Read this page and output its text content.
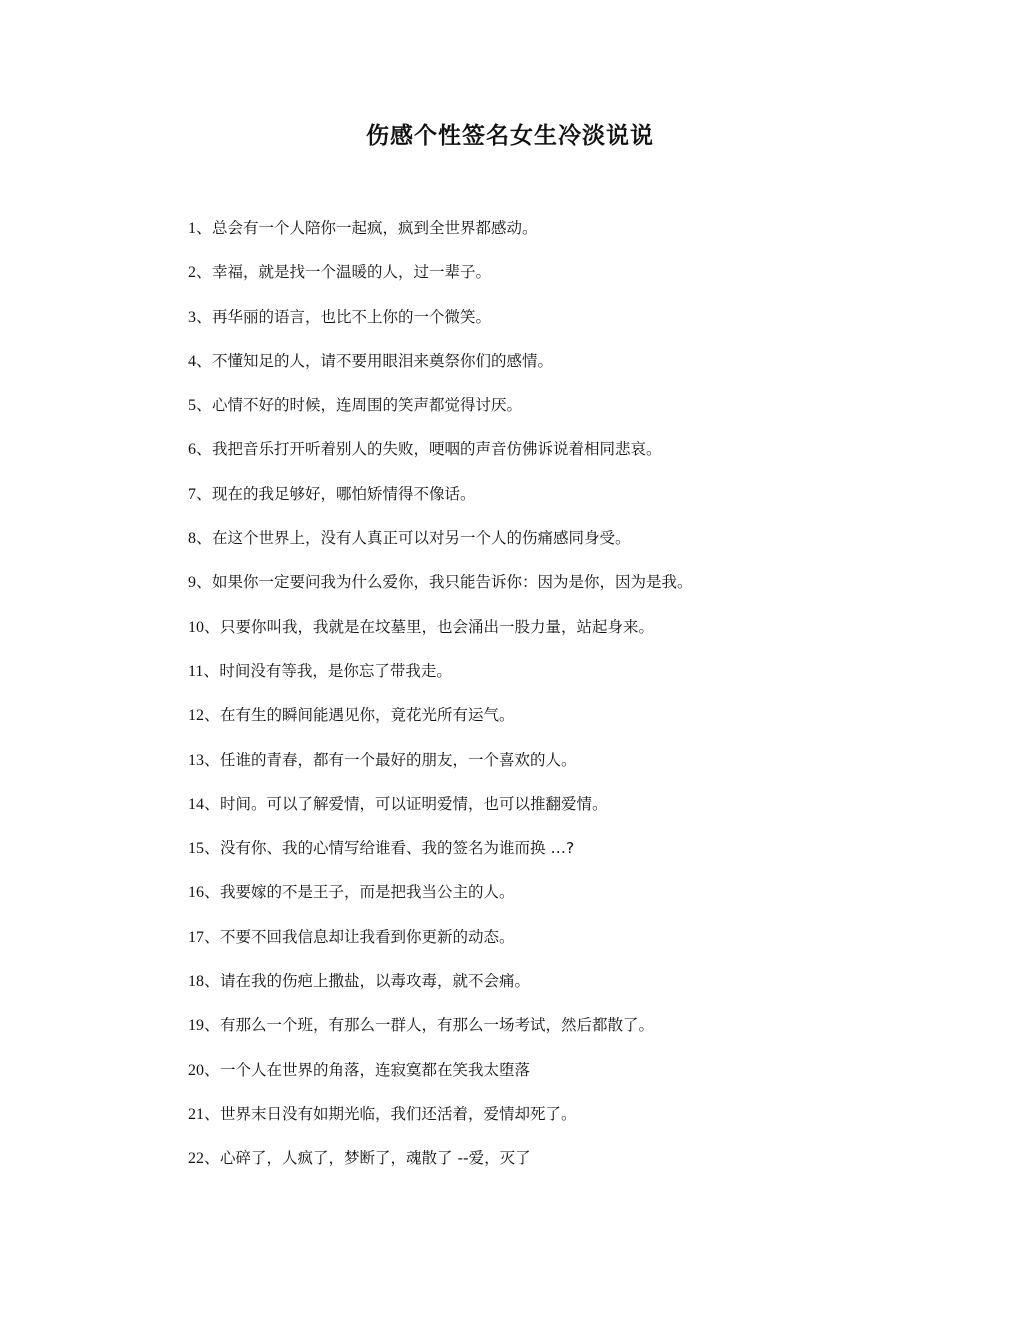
伤感个性签名女生冷淡说说
1、总会有一个人陪你一起疯，疯到全世界都感动。
2、幸福，就是找一个温暖的人，过一辈子。
3、再华丽的语言，也比不上你的一个微笑。
4、不懂知足的人，请不要用眼泪来奠祭你们的感情。
5、心情不好的时候，连周围的笑声都觉得讨厌。
6、我把音乐打开听着别人的失败，哽咽的声音仿佛诉说着相同悲哀。
7、现在的我足够好，哪怕矫情得不像话。
8、在这个世界上，没有人真正可以对另一个人的伤痛感同身受。
9、如果你一定要问我为什么爱你，我只能告诉你：因为是你，因为是我。
10、只要你叫我，我就是在坟墓里，也会涌出一股力量，站起身来。
11、时间没有等我，是你忘了带我走。
12、在有生的瞬间能遇见你，竟花光所有运气。
13、任谁的青春，都有一个最好的朋友，一个喜欢的人。
14、时间。可以了解爱情，可以证明爱情，也可以推翻爱情。
15、没有你、我的心情写给谁看、我的签名为谁而换 …?
16、我要嫁的不是王子，而是把我当公主的人。
17、不要不回我信息却让我看到你更新的动态。
18、请在我的伤疤上撒盐，以毒攻毒，就不会痛。
19、有那么一个班，有那么一群人，有那么一场考试，然后都散了。
20、一个人在世界的角落，连寂寞都在笑我太堕落
21、世界末日没有如期光临，我们还活着，爱情却死了。
22、心碎了，人疯了，梦断了，魂散了 --爱，灭了
